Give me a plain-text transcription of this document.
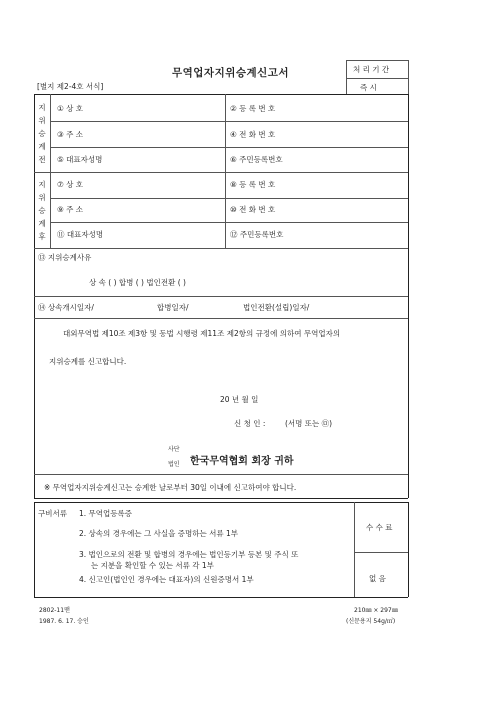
무역업자지위승계신고서
[별지 제2-4호 서식]
처 리 기 간
즉 시
지
위
승
계
전
① 상 호	② 등 록 번 호
③ 주 소	④ 전 화 번 호
⑤ 대표자성명	⑥ 주민등록번호
지
위
승
계
후
⑦ 상 호	⑧ 등 록 번 호
⑨ 주 소	⑩ 전 화 번 호
⑪ 대표자성명	⑫ 주민등록번호
⑬ 지위승계사유
상 속 ( ) 합병 ( ) 법인전환 ( )
⑭ 상속개시일자/	합병일자/	법인전환(설립)일자/
대외무역법 제10조 제3항 및 동법 시행령 제11조 제2항의 규정에 의하여 무역업자의
지위승계를 신고합니다.
20 년 월 일
신 청 인 :	(서명 또는 ㉤)
사단
법인 한국무역협회 회장 귀하
※ 무역업자지위승계신고는 승계한 날로부터 30일 이내에 신고하여야 합니다.
구비서류 1. 무역업등록증
2. 상속의 경우에는 그 사실을 증명하는 서류 1부
3. 법인으로의 전환 및 합병의 경우에는 법인등기부 등본 및 주식 또
는 지분을 확인할 수 있는 서류 각 1부
4. 신고인(법인인 경우에는 대표자)의 신원증명서 1부
수 수 료
없 음
2802-11맨
1987. 6. 17. 승인
210㎜ × 297㎜
(신문용지 54g/㎡)
